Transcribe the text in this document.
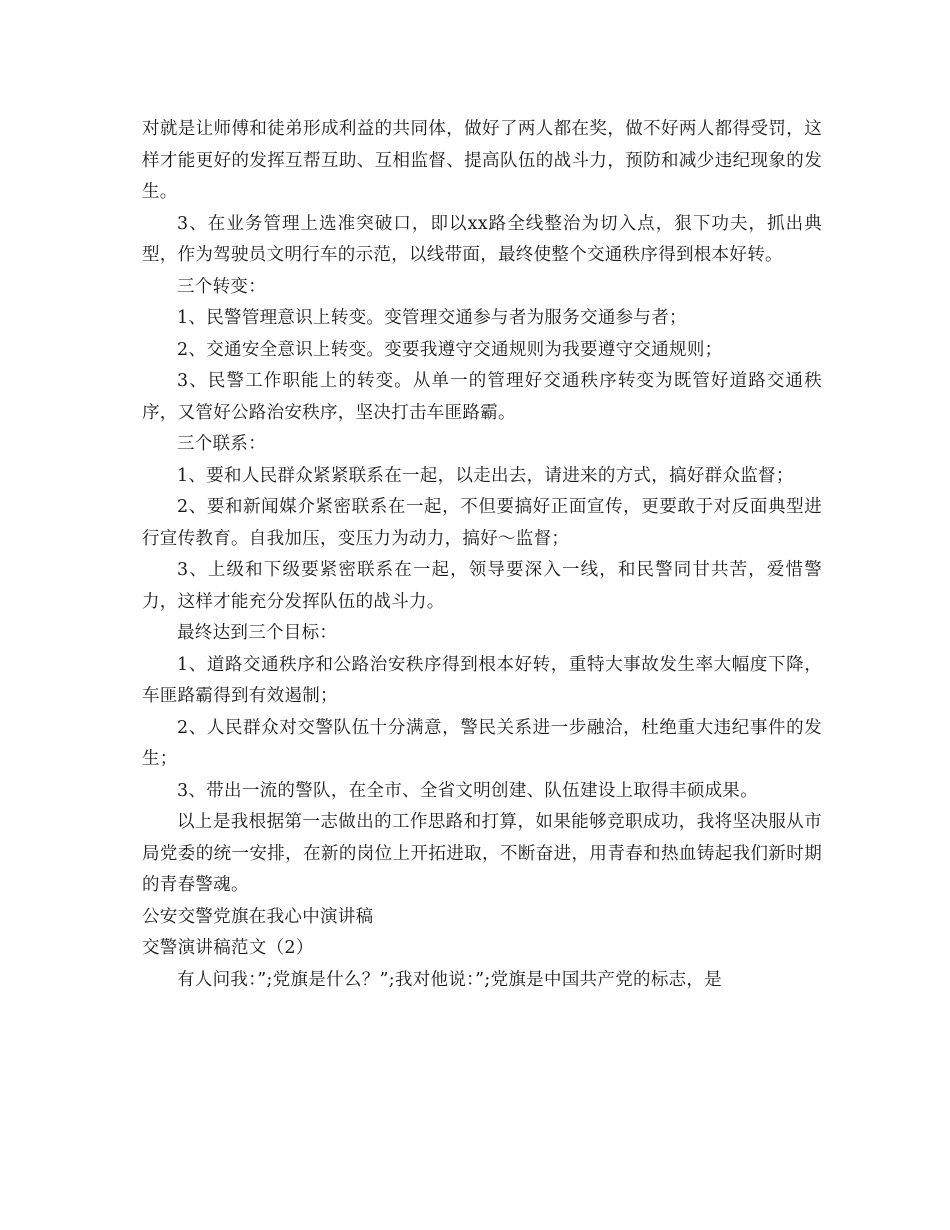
对就是让师傅和徒弟形成利益的共同体，做好了两人都在奖，做不好两人都得受罚，这样才能更好的发挥互帮互助、互相监督、提高队伍的战斗力，预防和减少违纪现象的发生。

3、在业务管理上选准突破口，即以xx路全线整治为切入点，狠下功夫，抓出典型，作为驾驶员文明行车的示范，以线带面，最终使整个交通秩序得到根本好转。

三个转变：

1、民警管理意识上转变。变管理交通参与者为服务交通参与者；

2、交通安全意识上转变。变要我遵守交通规则为我要遵守交通规则；

3、民警工作职能上的转变。从单一的管理好交通秩序转变为既管好道路交通秩序，又管好公路治安秩序，坚决打击车匪路霸。

三个联系：

1、要和人民群众紧紧联系在一起，以走出去，请进来的方式，搞好群众监督；

2、要和新闻媒介紧密联系在一起，不但要搞好正面宣传，更要敢于对反面典型进行宣传教育。自我加压，变压力为动力，搞好～监督；

3、上级和下级要紧密联系在一起，领导要深入一线，和民警同甘共苦，爱惜警力，这样才能充分发挥队伍的战斗力。

最终达到三个目标：

1、道路交通秩序和公路治安秩序得到根本好转，重特大事故发生率大幅度下降，车匪路霸得到有效遏制；

2、人民群众对交警队伍十分满意，警民关系进一步融洽，杜绝重大违纪事件的发生；

3、带出一流的警队，在全市、全省文明创建、队伍建设上取得丰硕成果。

以上是我根据第一志做出的工作思路和打算，如果能够竞职成功，我将坚决服从市局党委的统一安排，在新的岗位上开拓进取，不断奋进，用青春和热血铸起我们新时期的青春警魂。

公安交警党旗在我心中演讲稿

交警演讲稿范文（2）

有人问我：”;党旗是什么？”;我对他说：”;党旗是中国共产党的标志，是
